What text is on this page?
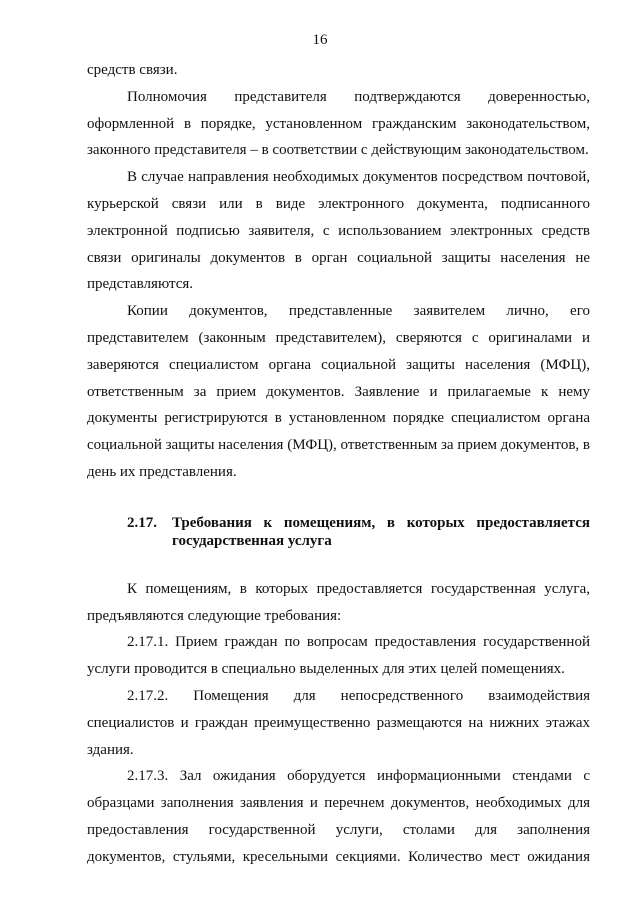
16

средств связи.

Полномочия представителя подтверждаются доверенностью, оформленной в порядке, установленном гражданским законодательством, законного представителя – в соответствии с действующим законодательством.

В случае направления необходимых документов посредством почтовой, курьерской связи или в виде электронного документа, подписанного электронной подписью заявителя, с использованием электронных средств связи оригиналы документов в орган социальной защиты населения не представляются.

Копии документов, представленные заявителем лично, его представителем (законным представителем), сверяются с оригиналами и заверяются специалистом органа социальной защиты населения (МФЦ), ответственным за прием документов. Заявление и прилагаемые к нему документы регистрируются в установленном порядке специалистом органа социальной защиты населения (МФЦ), ответственным за прием документов, в день их представления.

2.17.	Требования к помещениям, в которых предоставляется государственная услуга

К помещениям, в которых предоставляется государственная услуга, предъявляются следующие требования:

2.17.1. Прием граждан по вопросам предоставления государственной услуги проводится в специально выделенных для этих целей помещениях.

2.17.2. Помещения для непосредственного взаимодействия специалистов и граждан преимущественно размещаются на нижних этажах здания.

2.17.3. Зал ожидания оборудуется информационными стендами с образцами заполнения заявления и перечнем документов, необходимых для предоставления государственной услуги, столами для заполнения документов, стульями, кресельными секциями. Количество мест ожидания
